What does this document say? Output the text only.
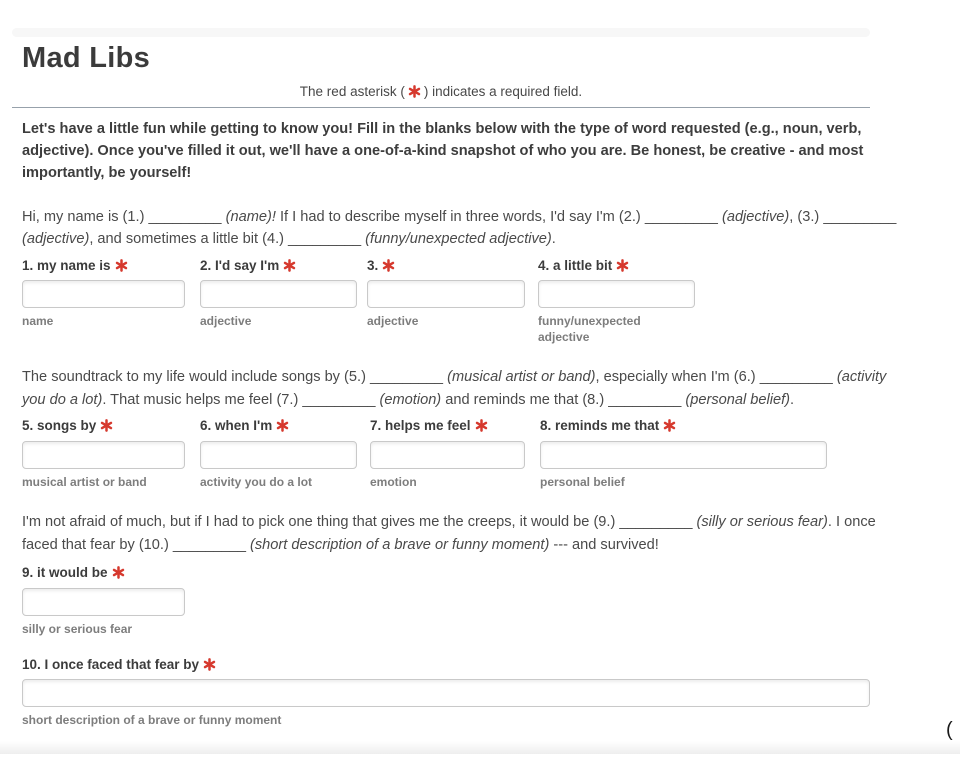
Mad Libs
The red asterisk ( ) indicates a required field.

Let's have a little fun while getting to know you! Fill in the blanks below with the type of word requested (e.g., noun, verb, adjective). Once you've filled it out, we'll have a one-of-a-kind snapshot of who you are. Be honest, be creative - and most importantly, be yourself!

Hi, my name is (1.) _________ (name)! If I had to describe myself in three words, I'd say I'm (2.) _________ (adjective), (3.) _________ (adjective), and sometimes a little bit (4.) _________ (funny/unexpected adjective).

1. my name is
name
2. I'd say I'm
adjective
3.
adjective
4. a little bit
funny/unexpected adjective

The soundtrack to my life would include songs by (5.) _________ (musical artist or band), especially when I'm (6.) _________ (activity you do a lot). That music helps me feel (7.) _________ (emotion) and reminds me that (8.) _________ (personal belief).

5. songs by
musical artist or band
6. when I'm
activity you do a lot
7. helps me feel
emotion
8. reminds me that
personal belief

I'm not afraid of much, but if I had to pick one thing that gives me the creeps, it would be (9.) _________ (silly or serious fear). I once faced that fear by (10.) _________ (short description of a brave or funny moment) --- and survived!

9. it would be
silly or serious fear
10. I once faced that fear by
short description of a brave or funny moment	(
